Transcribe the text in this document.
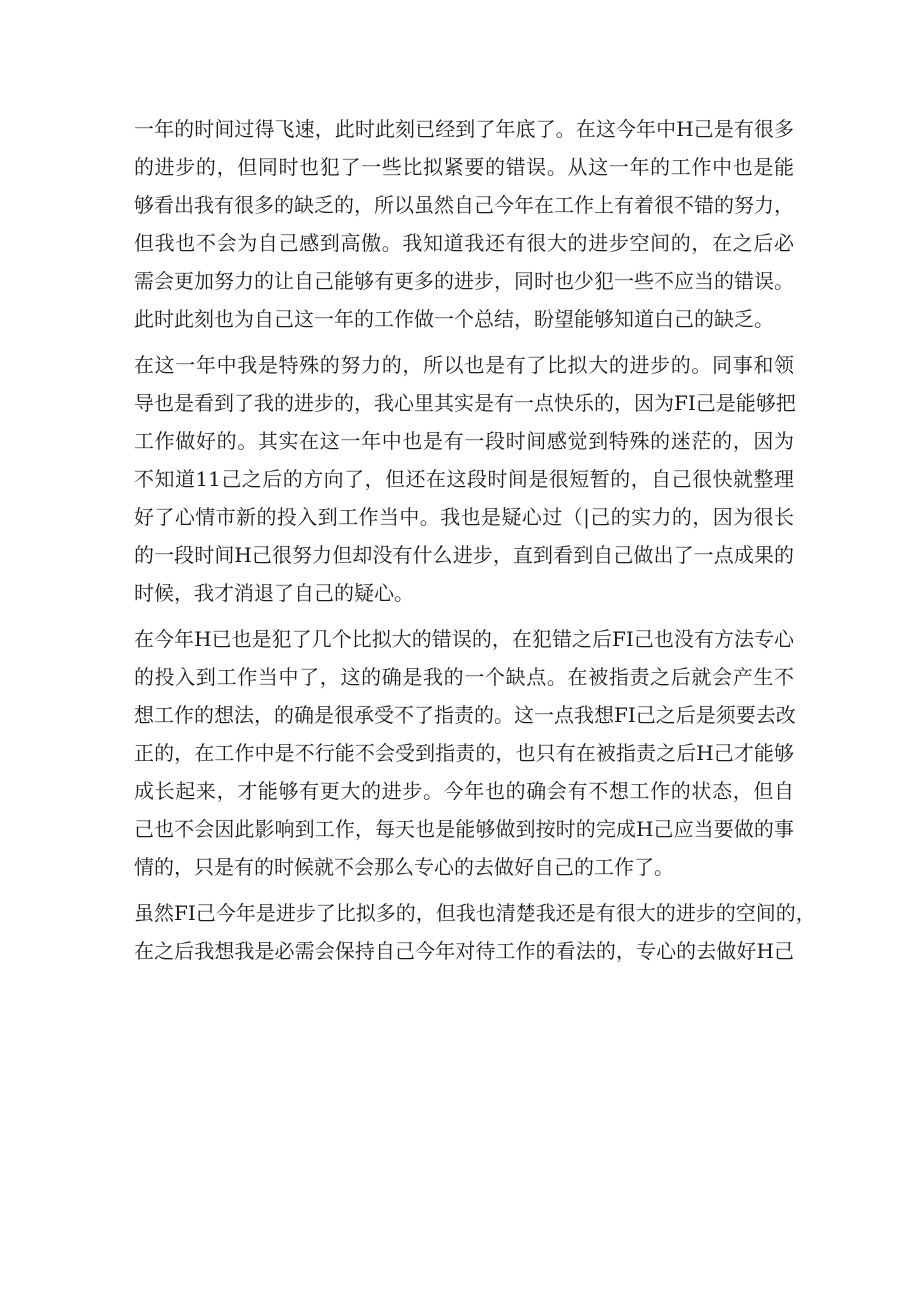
一年的时间过得飞速，此时此刻已经到了年底了。在这今年中H己是有很多
的进步的，但同时也犯了一些比拟紧要的错误。从这一年的工作中也是能
够看出我有很多的缺乏的，所以虽然自己今年在工作上有着很不错的努力，
但我也不会为自己感到高傲。我知道我还有很大的进步空间的，在之后必
需会更加努力的让自己能够有更多的进步，同时也少犯一些不应当的错误。
此时此刻也为自己这一年的工作做一个总结，盼望能够知道白己的缺乏。
在这一年中我是特殊的努力的，所以也是有了比拟大的进步的。同事和领
导也是看到了我的进步的，我心里其实是有一点快乐的，因为FI己是能够把
工作做好的。其实在这一年中也是有一段时间感觉到特殊的迷茫的，因为
不知道11己之后的方向了，但还在这段时间是很短暂的，自己很快就整理
好了心情市新的投入到工作当中。我也是疑心过（|己的实力的，因为很长
的一段时间H己很努力但却没有什么进步，直到看到自己做出了一点成果的
时候，我才消退了自己的疑心。
在今年H已也是犯了几个比拟大的错误的，在犯错之后FI己也没有方法专心
的投入到工作当中了，这的确是我的一个缺点。在被指责之后就会产生不
想工作的想法，的确是很承受不了指责的。这一点我想FI己之后是须要去改
正的，在工作中是不行能不会受到指责的，也只有在被指责之后H己才能够
成长起来，才能够有更大的进步。今年也的确会有不想工作的状态，但自
己也不会因此影响到工作，每天也是能够做到按时的完成H己应当要做的事
情的，只是有的时候就不会那么专心的去做好自己的工作了。
虽然FI己今年是进步了比拟多的，但我也清楚我还是有很大的进步的空间的，
在之后我想我是必需会保持自己今年对待工作的看法的，专心的去做好H己
